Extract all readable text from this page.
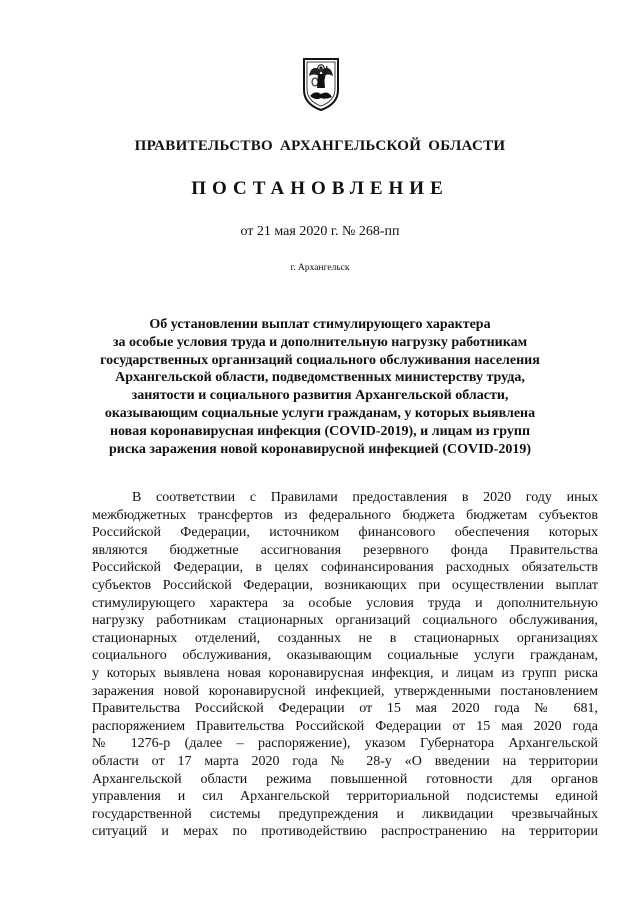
ПРАВИТЕЛЬСТВО АРХАНГЕЛЬСКОЙ ОБЛАСТИ
ПОСТАНОВЛЕНИЕ
от 21 мая 2020 г. № 268-пп
г. Архангельск
Об установлении выплат стимулирующего характера
за особые условия труда и дополнительную нагрузку работникам
государственных организаций социального обслуживания населения
Архангельской области, подведомственных министерству труда,
занятости и социального развития Архангельской области,
оказывающим социальные услуги гражданам, у которых выявлена
новая коронавирусная инфекция (COVID-2019), и лицам из групп
риска заражения новой коронавирусной инфекцией (COVID-2019)
В соответствии с Правилами предоставления в 2020 году иных
межбюджетных трансфертов из федерального бюджета бюджетам субъектов
Российской Федерации, источником финансового обеспечения которых
являются бюджетные ассигнования резервного фонда Правительства
Российской Федерации, в целях софинансирования расходных обязательств
субъектов Российской Федерации, возникающих при осуществлении выплат
стимулирующего характера за особые условия труда и дополнительную
нагрузку работникам стационарных организаций социального обслуживания,
стационарных отделений, созданных не в стационарных организациях
социального обслуживания, оказывающим социальные услуги гражданам,
у которых выявлена новая коронавирусная инфекция, и лицам из групп риска
заражения новой коронавирусной инфекцией, утвержденными постановлением
Правительства Российской Федерации от 15 мая 2020 года № 681,
распоряжением Правительства Российской Федерации от 15 мая 2020 года
№ 1276-р (далее – распоряжение), указом Губернатора Архангельской
области от 17 марта 2020 года № 28-у «О введении на территории
Архангельской области режима повышенной готовности для органов
управления и сил Архангельской территориальной подсистемы единой
государственной системы предупреждения и ликвидации чрезвычайных
ситуаций и мерах по противодействию распространению на территории
